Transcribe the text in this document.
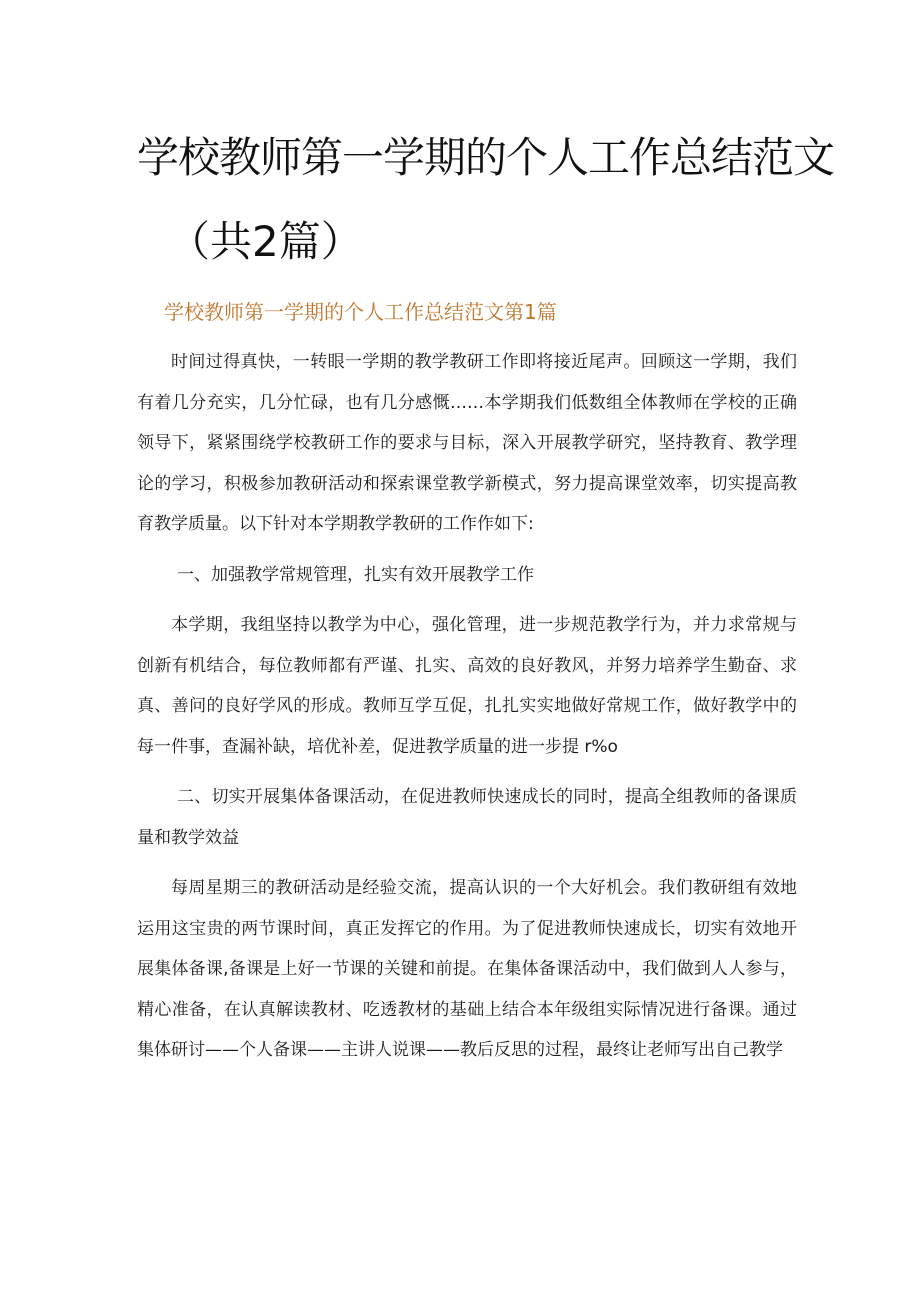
学校教师第一学期的个人工作总结范文
（共2篇）
学校教师第一学期的个人工作总结范文第1篇

时间过得真快，一转眼一学期的教学教研工作即将接近尾声。回顾这一学期，我们有着几分充实，几分忙碌，也有几分感慨……本学期我们低数组全体教师在学校的正确领导下，紧紧围绕学校教研工作的要求与目标，深入开展教学研究，坚持教育、教学理论的学习，积极参加教研活动和探索课堂教学新模式，努力提高课堂效率，切实提高教育教学质量。以下针对本学期教学教研的工作作如下:

一、加强教学常规管理，扎实有效开展教学工作

本学期，我组坚持以教学为中心，强化管理，进一步规范教学行为，并力求常规与创新有机结合，每位教师都有严谨、扎实、高效的良好教风，并努力培养学生勤奋、求真、善问的良好学风的形成。教师互学互促，扎扎实实地做好常规工作，做好教学中的每一件事，查漏补缺，培优补差，促进教学质量的进一步提 r%o

二、切实开展集体备课活动，在促进教师快速成长的同时，提高全组教师的备课质量和教学效益

每周星期三的教研活动是经验交流，提高认识的一个大好机会。我们教研组有效地运用这宝贵的两节课时间，真正发挥它的作用。为了促进教师快速成长，切实有效地开展集体备课,备课是上好一节课的关键和前提。在集体备课活动中，我们做到人人参与，精心准备，在认真解读教材、吃透教材的基础上结合本年级组实际情况进行备课。通过集体研讨——个人备课——主讲人说课——教后反思的过程，最终让老师写出自己教学
